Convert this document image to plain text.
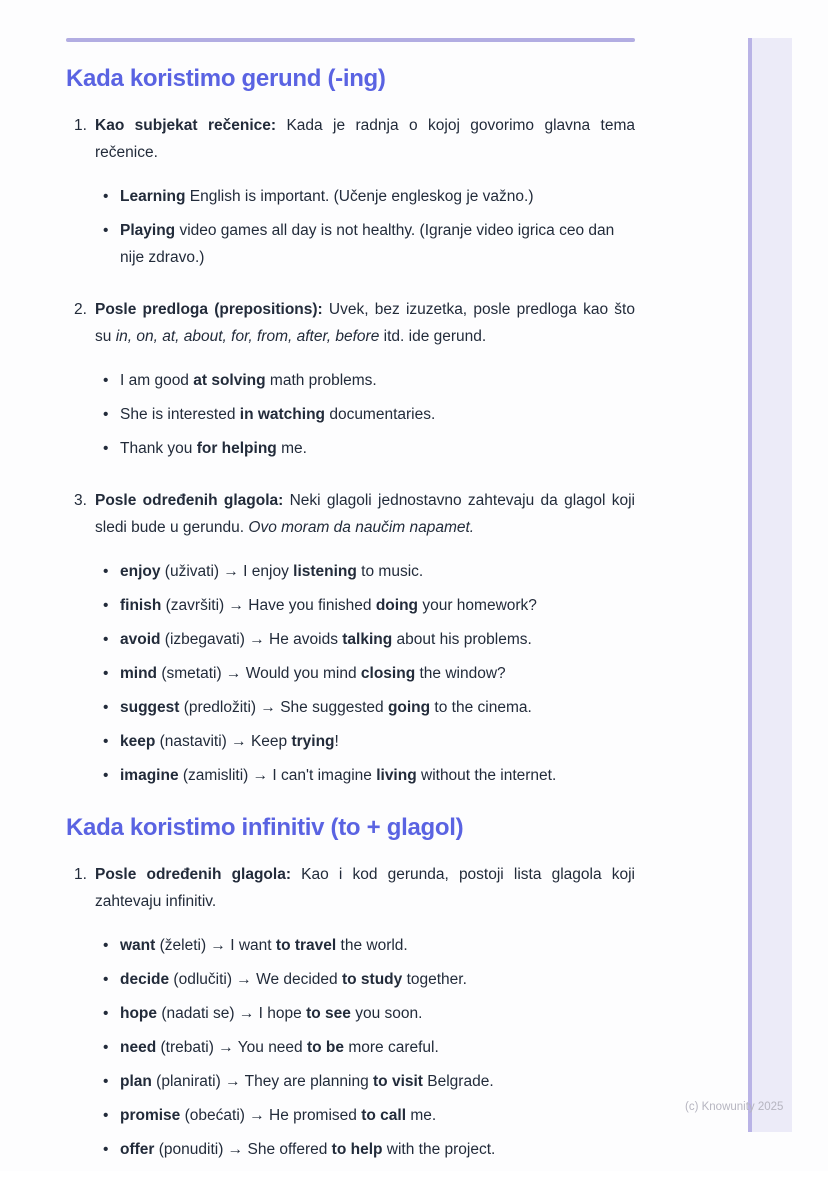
Kada koristimo gerund (-ing)
1. Kao subjekat rečenice: Kada je radnja o kojoj govorimo glavna tema rečenice.

• Learning English is important. (Učenje engleskog je važno.)
• Playing video games all day is not healthy. (Igranje video igrica ceo dan nije zdravo.)
2. Posle predloga (prepositions): Uvek, bez izuzetka, posle predloga kao što su in, on, at, about, for, from, after, before itd. ide gerund.

• I am good at solving math problems.
• She is interested in watching documentaries.
• Thank you for helping me.
3. Posle određenih glagola: Neki glagoli jednostavno zahtevaju da glagol koji sledi bude u gerundu. Ovo moram da naučim napamet.

• enjoy (uživati) → I enjoy listening to music.
• finish (završiti) → Have you finished doing your homework?
• avoid (izbegavati) → He avoids talking about his problems.
• mind (smetati) → Would you mind closing the window?
• suggest (predložiti) → She suggested going to the cinema.
• keep (nastaviti) → Keep trying!
• imagine (zamisliti) → I can't imagine living without the internet.
Kada koristimo infinitiv (to + glagol)
1. Posle određenih glagola: Kao i kod gerunda, postoji lista glagola koji zahtevaju infinitiv.

• want (želeti) → I want to travel the world.
• decide (odlučiti) → We decided to study together.
• hope (nadati se) → I hope to see you soon.
• need (trebati) → You need to be more careful.
• plan (planirati) → They are planning to visit Belgrade.
• promise (obećati) → He promised to call me.
• offer (ponuditi) → She offered to help with the project.
(c) Knowunity 2025
